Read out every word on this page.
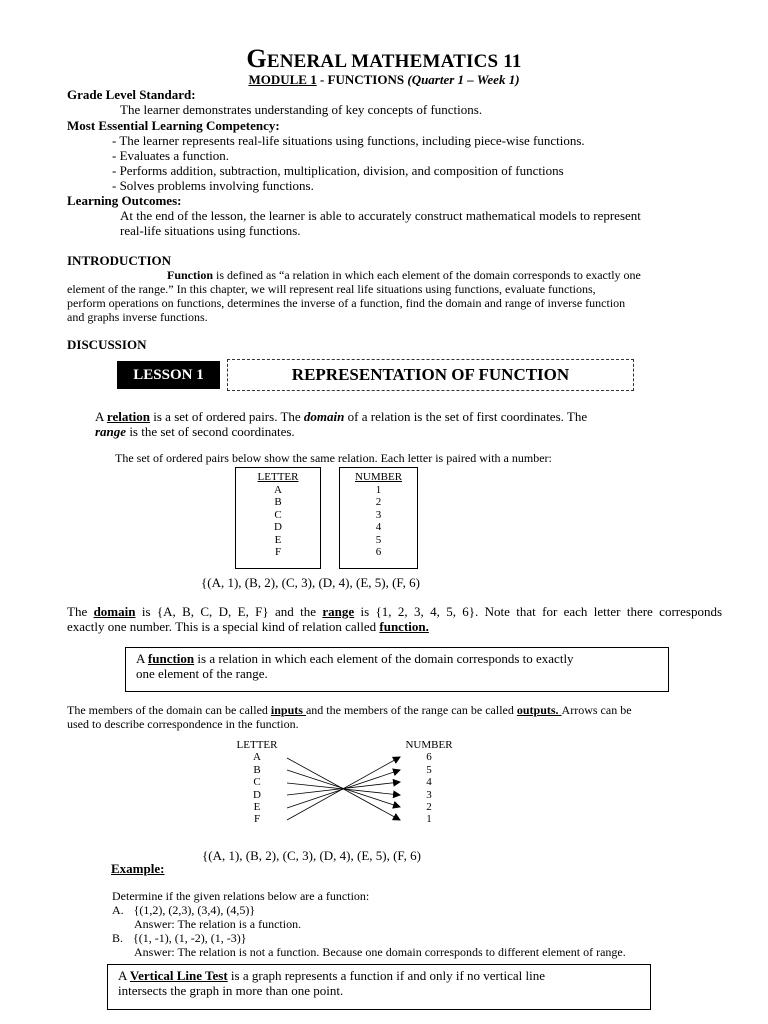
GENERAL MATHEMATICS 11
MODULE 1 - FUNCTIONS (Quarter 1 – Week 1)
Grade Level Standard:
The learner demonstrates understanding of key concepts of functions.
Most Essential Learning Competency:
- The learner represents real-life situations using functions, including piece-wise functions.
- Evaluates a function.
- Performs addition, subtraction, multiplication, division, and composition of functions
- Solves problems involving functions.
Learning Outcomes:
At the end of the lesson, the learner is able to accurately construct mathematical models to represent
real-life situations using functions.
INTRODUCTION
Function is defined as “a relation in which each element of the domain corresponds to exactly one
element of the range.” In this chapter, we will represent real life situations using functions, evaluate functions,
perform operations on functions, determines the inverse of a function, find the domain and range of inverse function
and graphs inverse functions.
DISCUSSION
LESSON 1	REPRESENTATION OF FUNCTION
A relation is a set of ordered pairs. The domain of a relation is the set of first coordinates. The
range is the set of second coordinates.
The set of ordered pairs below show the same relation. Each letter is paired with a number:
LETTER
A
B
C
D
E
F
NUMBER
1
2
3
4
5
6
{(A, 1), (B, 2), (C, 3), (D, 4), (E, 5), (F, 6)
The domain is {A, B, C, D, E, F} and the range is {1, 2, 3, 4, 5, 6}. Note that for each letter there corresponds
exactly one number. This is a special kind of relation called function.
A function is a relation in which each element of the domain corresponds to exactly
one element of the range.
The members of the domain can be called inputs and the members of the range can be called outputs. Arrows can be
used to describe correspondence in the function.
LETTER
A
B
C
D
E
F
NUMBER
6
5
4
3
2
1
{(A, 1), (B, 2), (C, 3), (D, 4), (E, 5), (F, 6)
Example:
Determine if the given relations below are a function:
A. {(1,2), (2,3), (3,4), (4,5)}
Answer: The relation is a function.
B. {(1, -1), (1, -2), (1, -3)}
Answer: The relation is not a function. Because one domain corresponds to different element of range.
A Vertical Line Test is a graph represents a function if and only if no vertical line
intersects the graph in more than one point.
